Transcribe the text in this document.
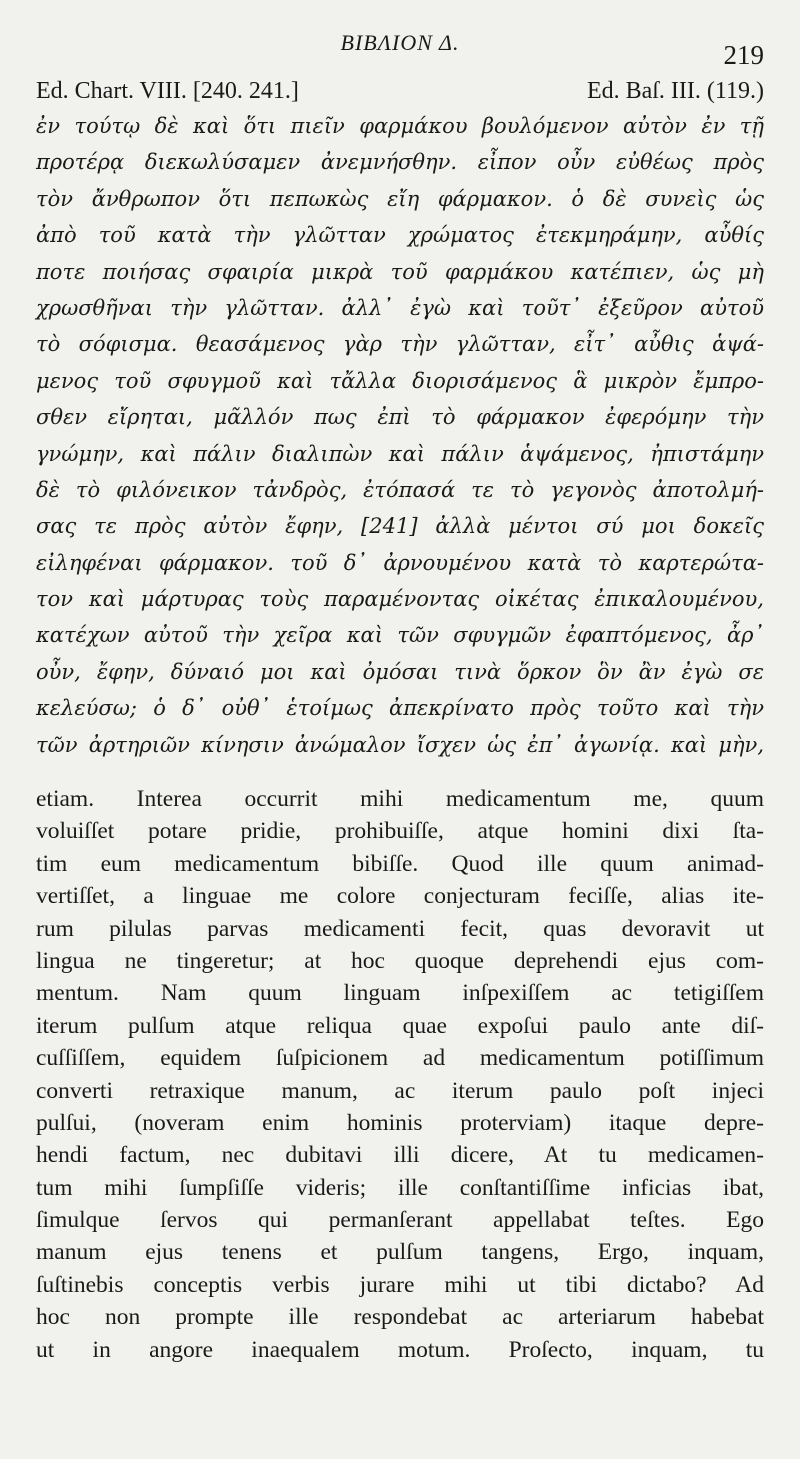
ΒΙΒΛΙΟΝ Δ.	219
Ed. Chart. VIII. [240. 241.]	Ed. Baſ. III. (119.)
ἐν τούτῳ δὲ καὶ ὅτι πιεῖν φαρμάκου βουλόμενον αὐτὸν ἐν τῇ
προτέρᾳ διεκωλύσαμεν ἀνεμνήσθην. εἶπον οὖν εὐθέως πρὸς
τὸν ἄνθρωπον ὅτι πεπωκὼς εἴη φάρμακον. ὁ δὲ συνεὶς ὡς
ἀπὸ τοῦ κατὰ τὴν γλῶτταν χρώματος ἐτεκμηράμην, αὖθίς
ποτε ποιήσας σφαιρία μικρὰ τοῦ φαρμάκου κατέπιεν, ὡς μὴ
χρωσθῆναι τὴν γλῶτταν. ἀλλ᾽ ἐγὼ καὶ τοῦτ᾽ ἐξεῦρον αὐτοῦ
τὸ σόφισμα. θεασάμενος γὰρ τὴν γλῶτταν, εἶτ᾽ αὖθις ἁψά-
μενος τοῦ σφυγμοῦ καὶ τἄλλα διορισάμενος ἃ μικρὸν ἔμπρο-
σθεν εἴρηται, μᾶλλόν πως ἐπὶ τὸ φάρμακον ἐφερόμην τὴν
γνώμην, καὶ πάλιν διαλιπὼν καὶ πάλιν ἁψάμενος, ἠπιστάμην
δὲ τὸ φιλόνεικον τἀνδρὸς, ἐτόπασά τε τὸ γεγονὸς ἀποτολμή-
σας τε πρὸς αὐτὸν ἔφην, [241] ἀλλὰ μέντοι σύ μοι δοκεῖς
εἰληφέναι φάρμακον. τοῦ δ᾽ ἀρνουμένου κατὰ τὸ καρτερώτα-
τον καὶ μάρτυρας τοὺς παραμένοντας οἰκέτας ἐπικαλουμένου,
κατέχων αὐτοῦ τὴν χεῖρα καὶ τῶν σφυγμῶν ἐφαπτόμενος, ἆρ᾽
οὖν, ἔφην, δύναιό μοι καὶ ὀμόσαι τινὰ ὅρκον ὃν ἂν ἐγὼ σε
κελεύσω; ὁ δ᾽ οὐθ᾽ ἑτοίμως ἀπεκρίνατο πρὸς τοῦτο καὶ τὴν
τῶν ἀρτηριῶν κίνησιν ἀνώμαλον ἴσχεν ὡς ἐπ᾽ ἀγωνίᾳ. καὶ μὴν,
etiam. Interea occurrit mihi medicamentum me, quum
voluiſſet potare pridie, prohibuiſſe, atque homini dixi ſta-
tim eum medicamentum bibiſſe. Quod ille quum animad-
vertiſſet, a linguae me colore conjecturam feciſſe, alias ite-
rum pilulas parvas medicamenti fecit, quas devoravit ut
lingua ne tingeretur; at hoc quoque deprehendi ejus com-
mentum. Nam quum linguam inſpexiſſem ac tetigiſſem
iterum pulſum atque reliqua quae expoſui paulo ante diſ-
cuſſiſſem, equidem ſuſpicionem ad medicamentum potiſſimum
converti retraxique manum, ac iterum paulo poſt injeci
pulſui, (noveram enim hominis proterviam) itaque depre-
hendi factum, nec dubitavi illi dicere, At tu medicamen-
tum mihi ſumpſiſſe videris; ille conſtantiſſime inficias ibat,
ſimulque ſervos qui permanſerant appellabat teſtes. Ego
manum ejus tenens et pulſum tangens, Ergo, inquam,
ſuſtinebis conceptis verbis jurare mihi ut tibi dictabo? Ad
hoc non prompte ille respondebat ac arteriarum habebat
ut in angore inaequalem motum. Proſecto, inquam, tu
